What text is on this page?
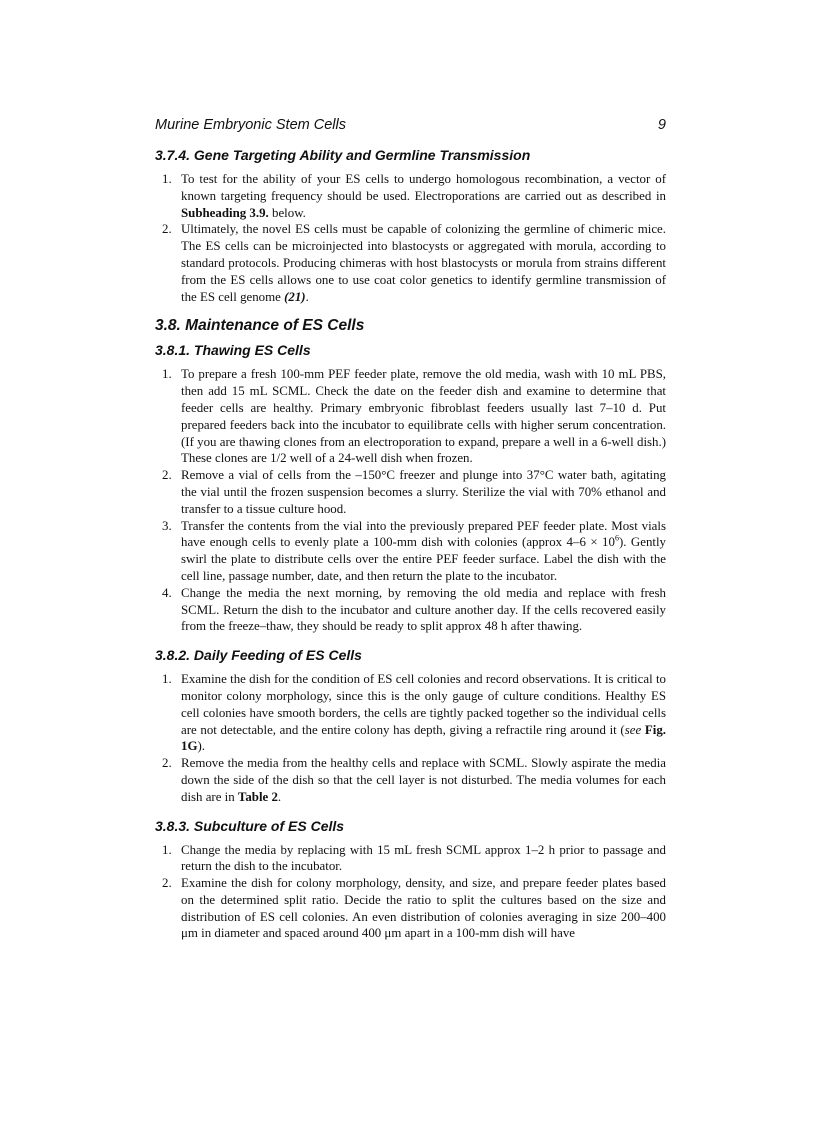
Murine Embryonic Stem Cells	9
3.7.4. Gene Targeting Ability and Germline Transmission
1. To test for the ability of your ES cells to undergo homologous recombination, a vector of known targeting frequency should be used. Electroporations are carried out as described in Subheading 3.9. below.
2. Ultimately, the novel ES cells must be capable of colonizing the germline of chimeric mice. The ES cells can be microinjected into blastocysts or aggregated with morula, according to standard protocols. Producing chimeras with host blastocysts or morula from strains different from the ES cells allows one to use coat color genetics to identify germline transmission of the ES cell genome (21).
3.8. Maintenance of ES Cells
3.8.1. Thawing ES Cells
1. To prepare a fresh 100-mm PEF feeder plate, remove the old media, wash with 10 mL PBS, then add 15 mL SCML. Check the date on the feeder dish and examine to determine that feeder cells are healthy. Primary embryonic fibroblast feeders usually last 7–10 d. Put prepared feeders back into the incubator to equilibrate cells with higher serum concentration. (If you are thawing clones from an electroporation to expand, prepare a well in a 6-well dish.) These clones are 1/2 well of a 24-well dish when frozen.
2. Remove a vial of cells from the –150°C freezer and plunge into 37°C water bath, agitating the vial until the frozen suspension becomes a slurry. Sterilize the vial with 70% ethanol and transfer to a tissue culture hood.
3. Transfer the contents from the vial into the previously prepared PEF feeder plate. Most vials have enough cells to evenly plate a 100-mm dish with colonies (approx $4-6 \times 10^6$). Gently swirl the plate to distribute cells over the entire PEF feeder surface. Label the dish with the cell line, passage number, date, and then return the plate to the incubator.
4. Change the media the next morning, by removing the old media and replace with fresh SCML. Return the dish to the incubator and culture another day. If the cells recovered easily from the freeze–thaw, they should be ready to split approx 48 h after thawing.
3.8.2. Daily Feeding of ES Cells
1. Examine the dish for the condition of ES cell colonies and record observations. It is critical to monitor colony morphology, since this is the only gauge of culture conditions. Healthy ES cell colonies have smooth borders, the cells are tightly packed together so the individual cells are not detectable, and the entire colony has depth, giving a refractile ring around it (see Fig. 1G).
2. Remove the media from the healthy cells and replace with SCML. Slowly aspirate the media down the side of the dish so that the cell layer is not disturbed. The media volumes for each dish are in Table 2.
3.8.3. Subculture of ES Cells
1. Change the media by replacing with 15 mL fresh SCML approx 1–2 h prior to passage and return the dish to the incubator.
2. Examine the dish for colony morphology, density, and size, and prepare feeder plates based on the determined split ratio. Decide the ratio to split the cultures based on the size and distribution of ES cell colonies. An even distribution of colonies averaging in size 200–400 μm in diameter and spaced around 400 μm apart in a 100-mm dish will have
